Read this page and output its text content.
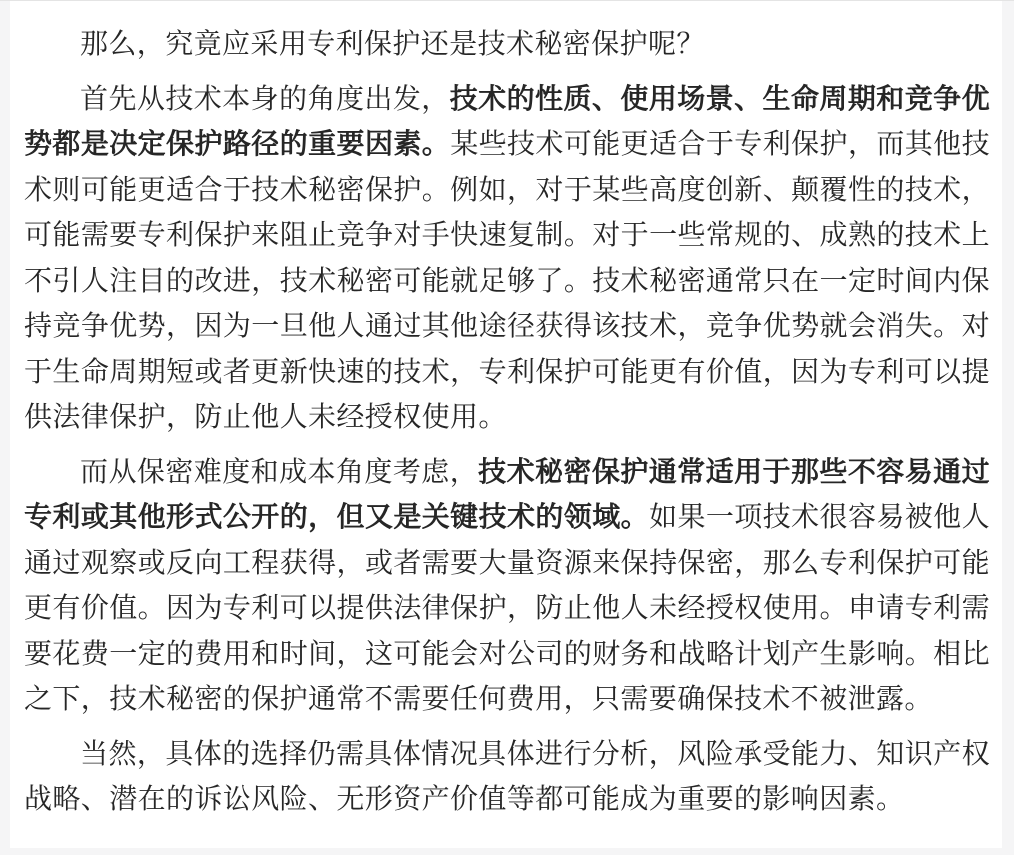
那么，究竟应采用专利保护还是技术秘密保护呢？

首先从技术本身的角度出发，技术的性质、使用场景、生命周期和竞争优势都是决定保护路径的重要因素。某些技术可能更适合于专利保护，而其他技术则可能更适合于技术秘密保护。例如，对于某些高度创新、颠覆性的技术，可能需要专利保护来阻止竞争对手快速复制。对于一些常规的、成熟的技术上不引人注目的改进，技术秘密可能就足够了。技术秘密通常只在一定时间内保持竞争优势，因为一旦他人通过其他途径获得该技术，竞争优势就会消失。对于生命周期短或者更新快速的技术，专利保护可能更有价值，因为专利可以提供法律保护，防止他人未经授权使用。

而从保密难度和成本角度考虑，技术秘密保护通常适用于那些不容易通过专利或其他形式公开的，但又是关键技术的领域。如果一项技术很容易被他人通过观察或反向工程获得，或者需要大量资源来保持保密，那么专利保护可能更有价值。因为专利可以提供法律保护，防止他人未经授权使用。申请专利需要花费一定的费用和时间，这可能会对公司的财务和战略计划产生影响。相比之下，技术秘密的保护通常不需要任何费用，只需要确保技术不被泄露。

当然，具体的选择仍需具体情况具体进行分析，风险承受能力、知识产权战略、潜在的诉讼风险、无形资产价值等都可能成为重要的影响因素。
